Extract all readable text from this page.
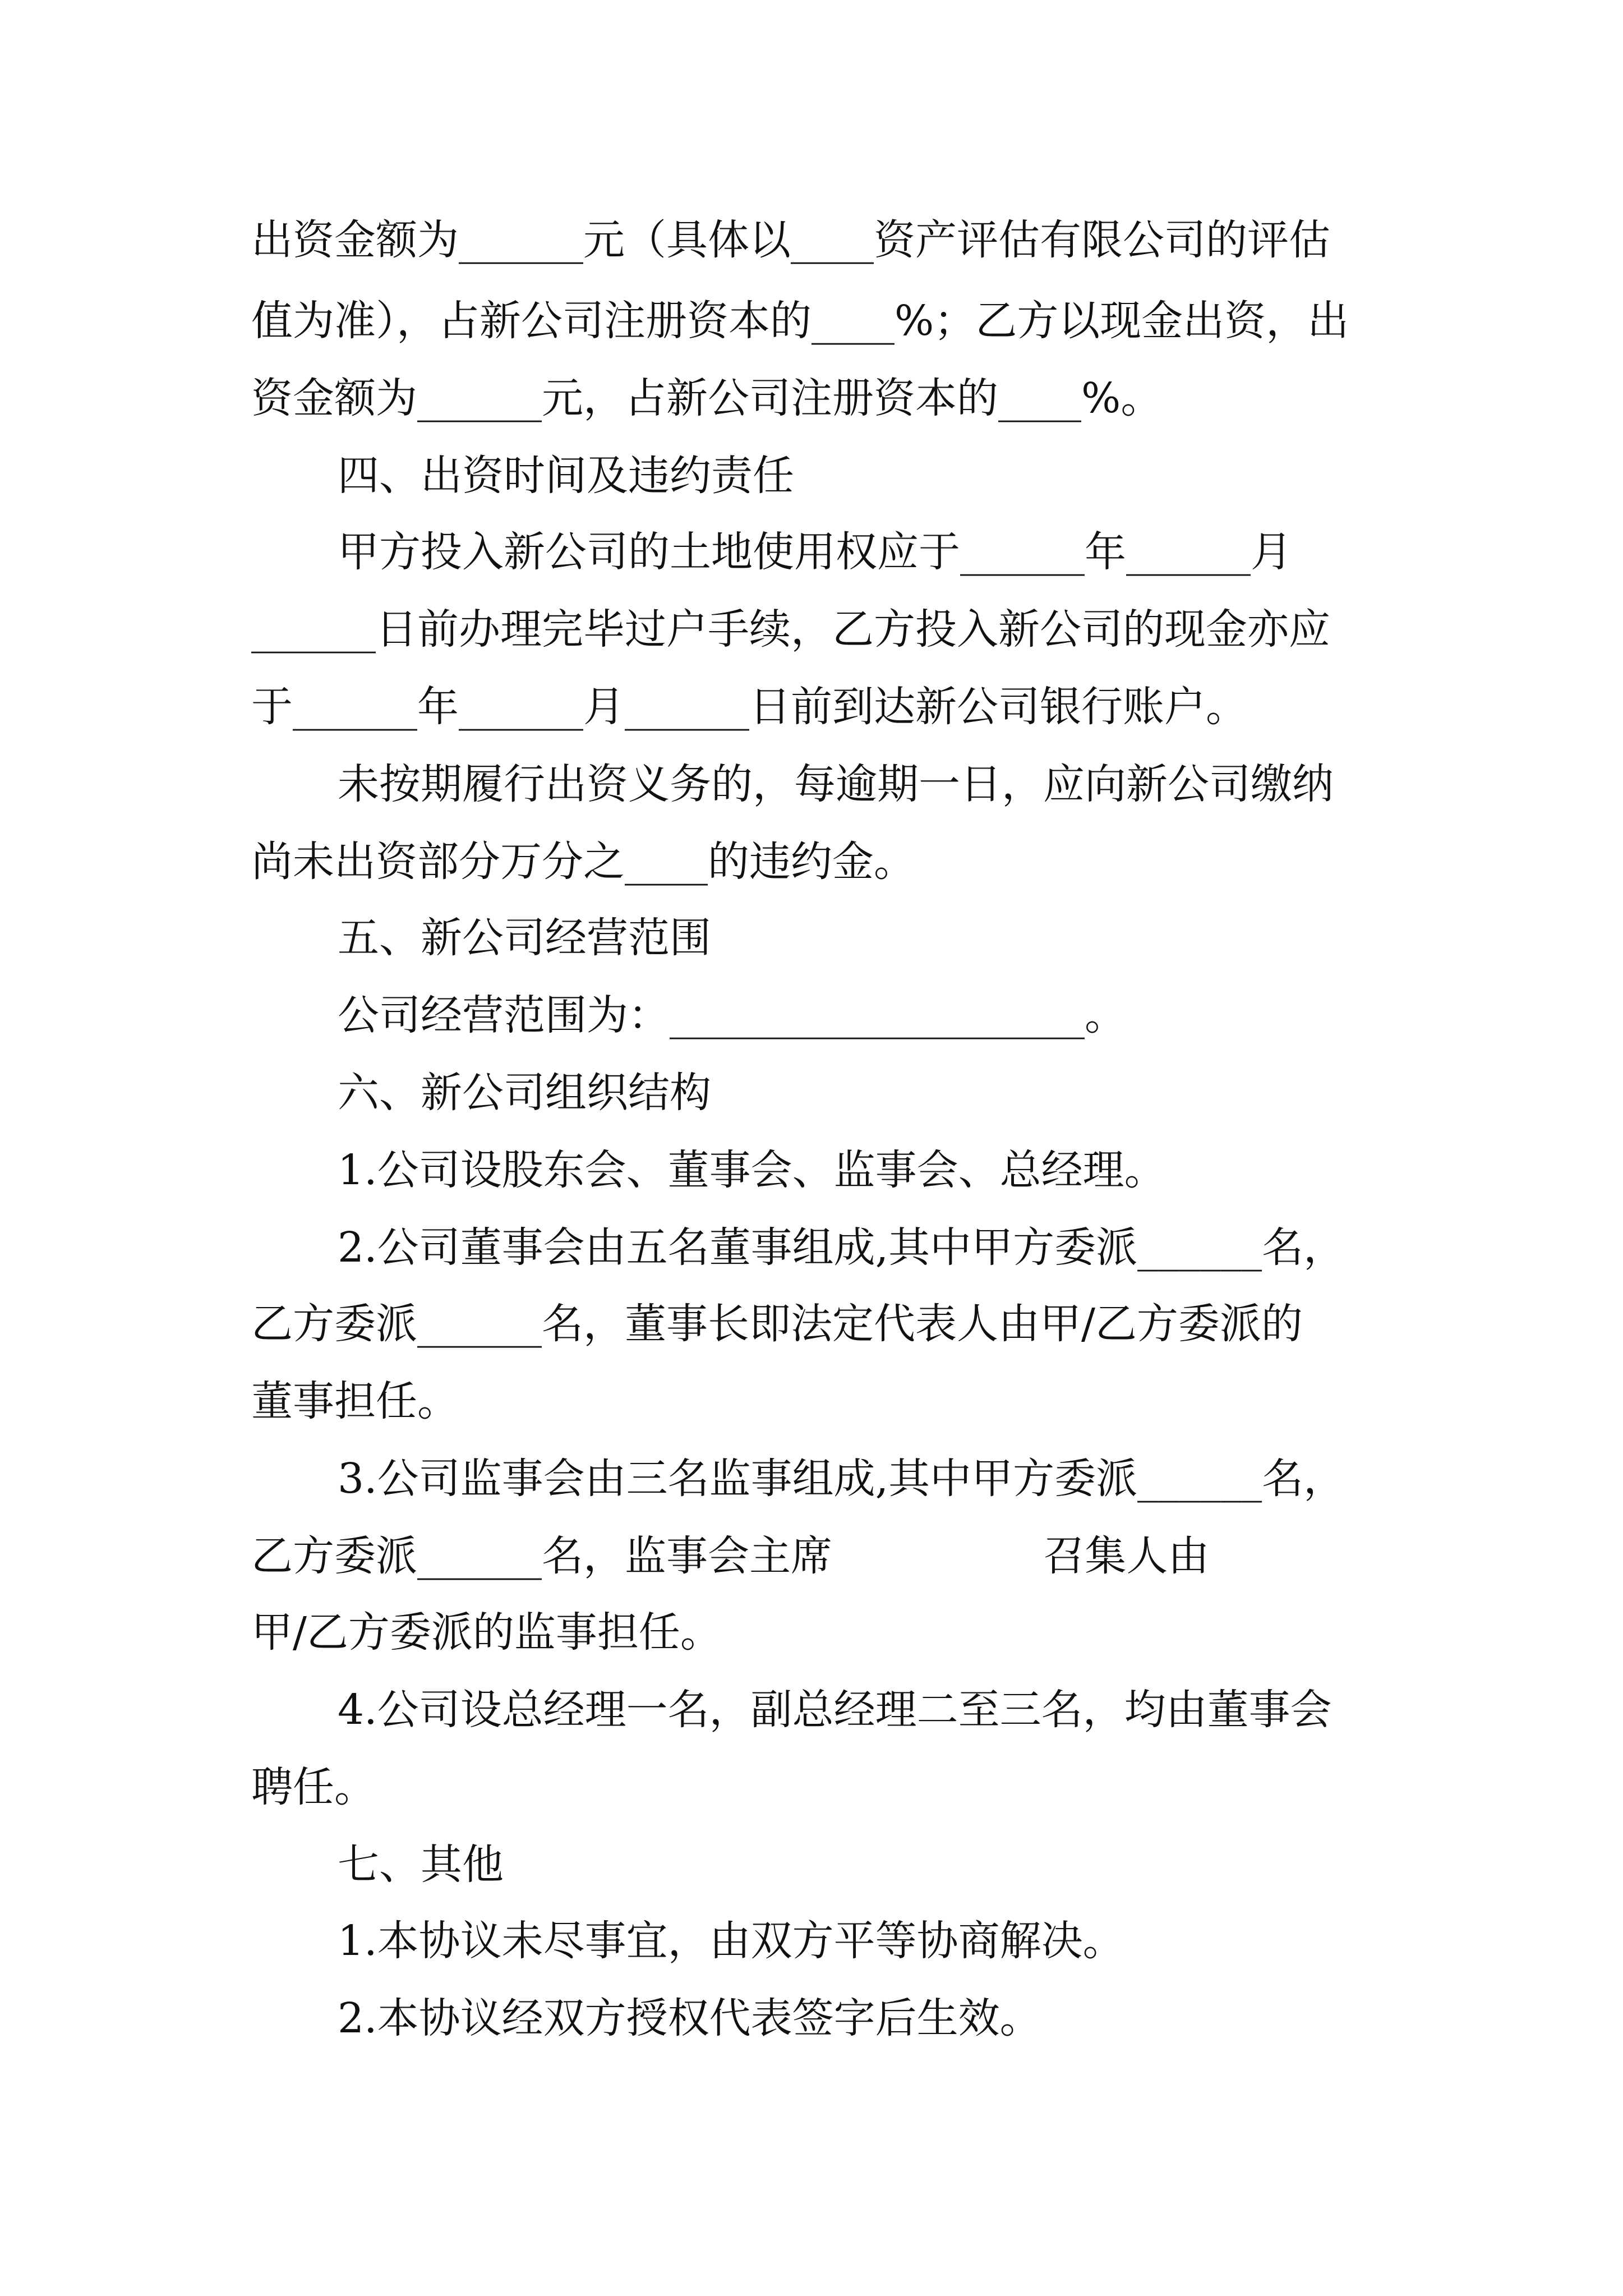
出资金额为______元（具体以____资产评估有限公司的评估
值为准），占新公司注册资本的____%；乙方以现金出资，出
资金额为______元，占新公司注册资本的____%。
四、出资时间及违约责任
甲方投入新公司的土地使用权应于______年______月
______日前办理完毕过户手续，乙方投入新公司的现金亦应
于______年______月______日前到达新公司银行账户。
未按期履行出资义务的，每逾期一日，应向新公司缴纳
尚未出资部分万分之____的违约金。
五、新公司经营范围
公司经营范围为：____________________。
六、新公司组织结构
1.公司设股东会、董事会、监事会、总经理。
2.公司董事会由五名董事组成,其中甲方委派______名，
乙方委派______名，董事长即法定代表人由甲/乙方委派的
董事担任。
3.公司监事会由三名监事组成,其中甲方委派______名，
乙方委派______名，监事会主席                召集人由
甲/乙方委派的监事担任。
4.公司设总经理一名，副总经理二至三名，均由董事会
聘任。
七、其他
1.本协议未尽事宜，由双方平等协商解决。
2.本协议经双方授权代表签字后生效。
